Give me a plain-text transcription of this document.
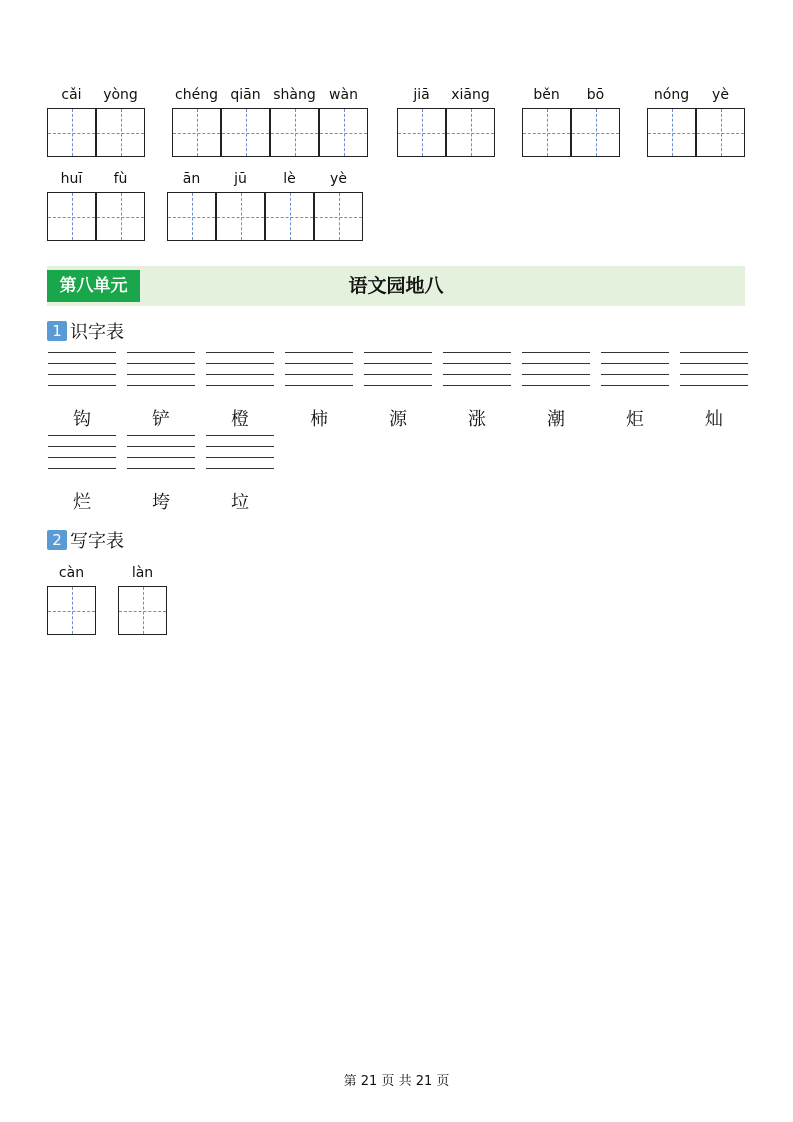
cǎi	yòng	chéng qiān shàng wàn	jiā	xiāng	běn	bō	nóng	yè
huī	fù	ān	jū	lè	yè
语文园地八
第八单元
1 识字表
钩	铲	橙	柿	源	涨	潮	炬	灿
烂	垮	垃
2 写字表
càn	làn
第 21 页 共 21 页
